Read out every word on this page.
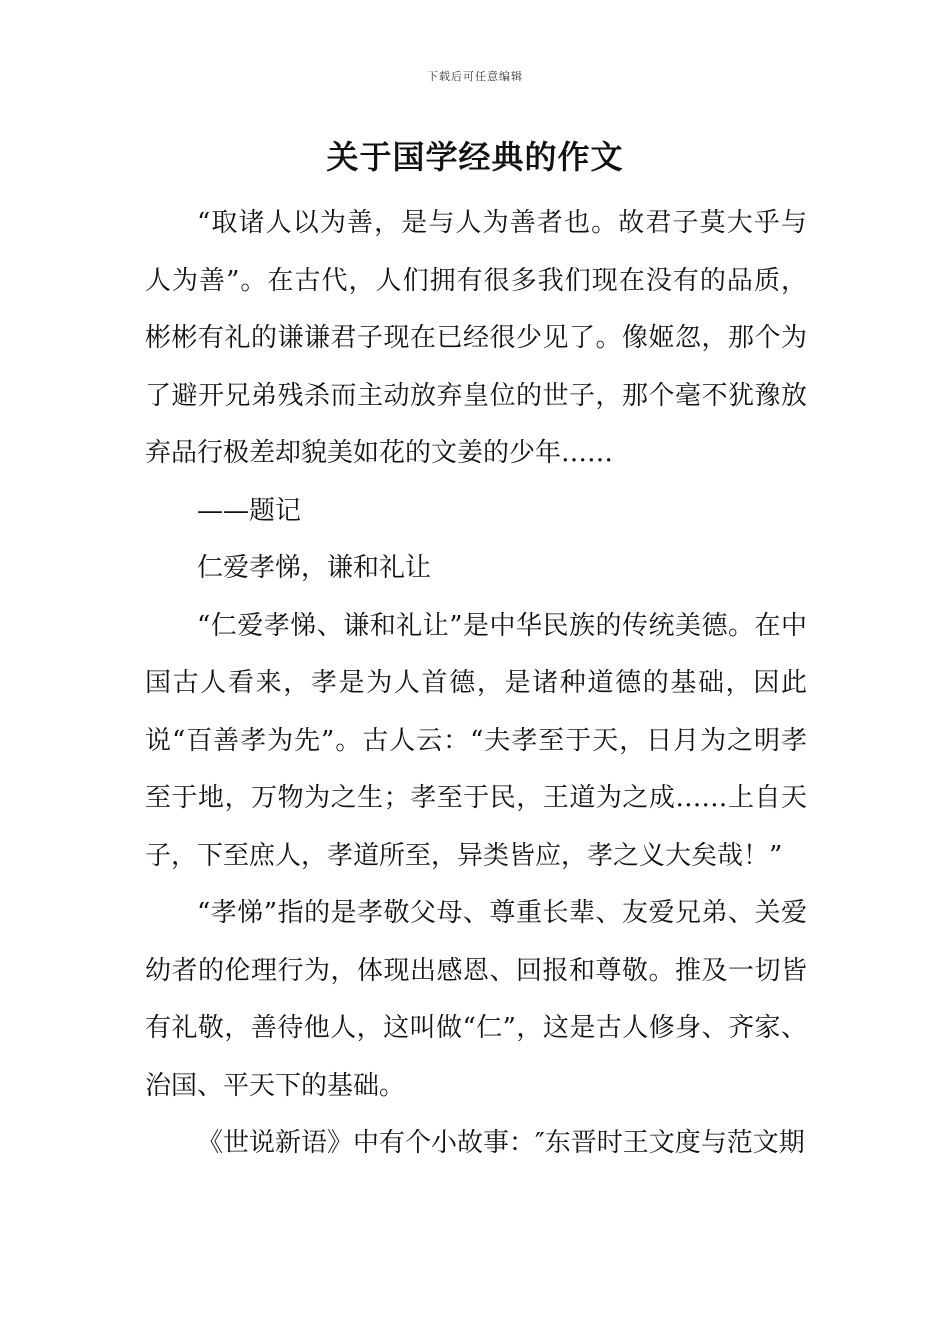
下载后可任意编辑
关于国学经典的作文

“取诸人以为善，是与人为善者也。故君子莫大乎与人为善”。在古代，人们拥有很多我们现在没有的品质，彬彬有礼的谦谦君子现在已经很少见了。像姬忽，那个为了避开兄弟残杀而主动放弃皇位的世子，那个毫不犹豫放弃品行极差却貌美如花的文姜的少年……

——题记

仁爱孝悌，谦和礼让

“仁爱孝悌、谦和礼让”是中华民族的传统美德。在中国古人看来，孝是为人首德，是诸种道德的基础，因此说“百善孝为先”。古人云：“夫孝至于天，日月为之明孝至于地，万物为之生；孝至于民，王道为之成……上自天子，下至庶人，孝道所至，异类皆应，孝之义大矣哉！”

“孝悌”指的是孝敬父母、尊重长辈、友爱兄弟、关爱幼者的伦理行为，体现出感恩、回报和尊敬。推及一切皆有礼敬，善待他人，这叫做“仁”，这是古人修身、齐家、治国、平天下的基础。

《世说新语》中有个小故事：″东晋时王文度与范文期
